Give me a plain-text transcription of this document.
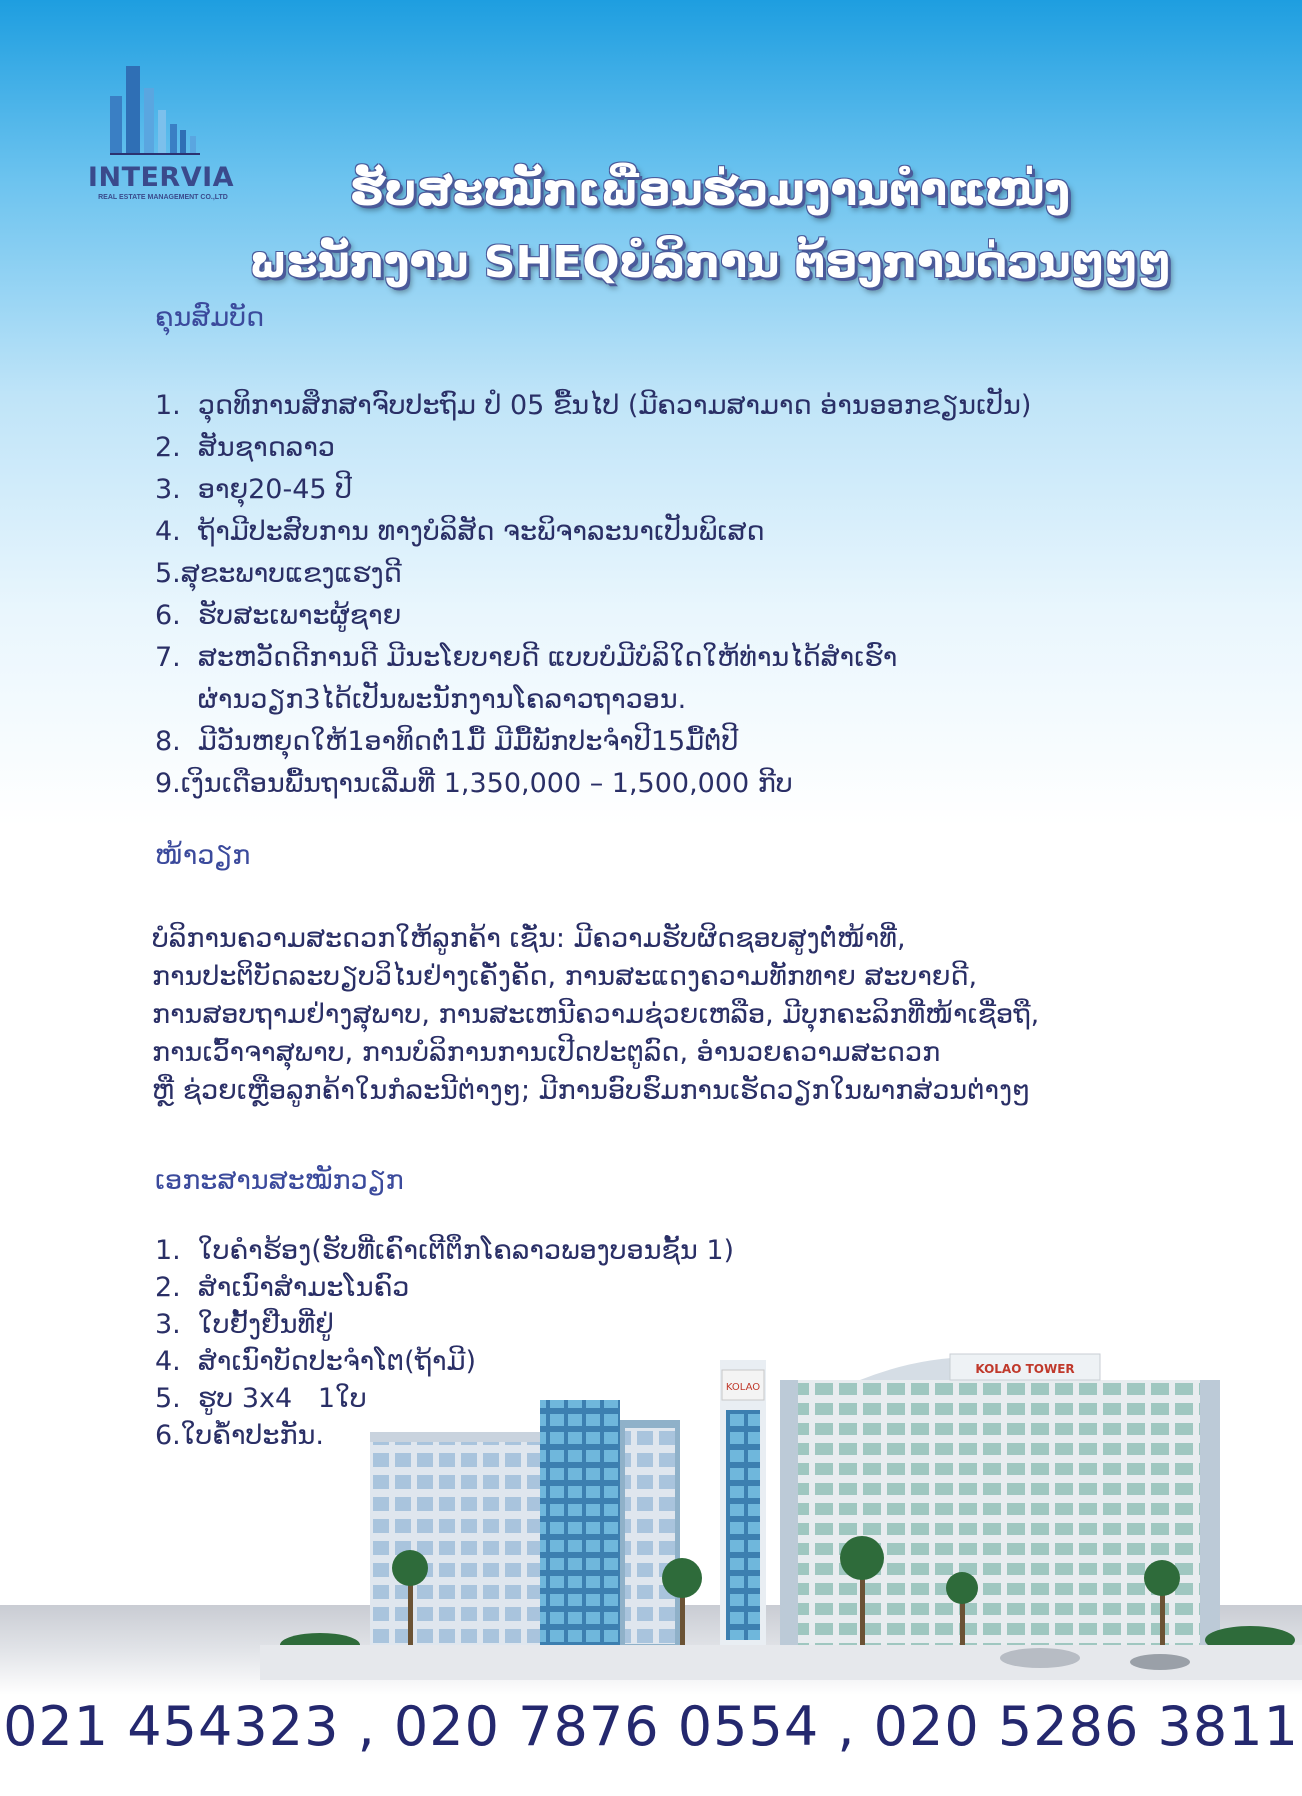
INTERVIA
REAL ESTATE MANAGEMENT CO.,LTD	ຮັບສະໝັກເພື່ອນຮ່ວມງານຕໍາແໜ່ງ
ພະນັກງານ SHEQບໍລິການ ຕ້ອງການດ່ວນໆໆໆ
ຄຸນສົມບັດ
1.  ວຸດທິການສຶກສາຈົບປະຖົມ ປໍ 05 ຂື້ນໄປ (ມີຄວາມສາມາດ ອ່ານອອກຂຽນເປັນ)
2.  ສັນຊາດລາວ
3.  ອາຍຸ20-45 ປີ
4.  ຖ້າມີປະສົບການ ທາງບໍລິສັດ ຈະພິຈາລະນາເປັນພິເສດ
5.ສຸຂະພາບແຂງແຮງດີ
6.  ຮັບສະເພາະຜູ້ຊາຍ
7.  ສະຫວັດດີການດີ ມີນະໂຍບາຍດີ ແບບບໍມີບໍລິໃດໃຫ້ທ່ານໄດ້ສໍາເຮົາ
ຜ່ານວຽກ3ໄດ້ເປັນພະນັກງານໂຄລາວຖາວອນ.
8.  ມີວັນຫຍຸດໃຫ້1ອາທິດຕໍ່1ມື້ ມີມື້ພັກປະຈໍາປີ15ມື້ຕໍ່ປີ
9.ເງິນເດືອນພື້ນຖານເລີ່ມທີ່ 1,350,000 – 1,500,000 ກີບ
ໜ້າວຽກ
ບໍລິການຄວາມສະດວກໃຫ້ລູກຄ້າ ເຊັ່ນ: ມີຄວາມຮັບຜິດຊອບສູງຕໍ່ໜ້າທີ່,
ການປະຕິບັດລະບຽບວິໄນຢ່າງເຄັ່ງຄັດ, ການສະແດງຄວາມທັກທາຍ ສະບາຍດີ,
ການສອບຖາມຢ່າງສຸພາບ, ການສະເຫນີຄວາມຊ່ວຍເຫລືອ, ມີບຸກຄະລິກທີ່ໜ້າເຊື່ອຖື,
ການເວົ້າຈາສຸພາບ, ການບໍລິການການເປີດປະຕູລົດ, ອໍານວຍຄວາມສະດວກ
ຫຼື ຊ່ວຍເຫຼືອລູກຄ້າໃນກໍລະນີຕ່າງໆ; ມີການອົບຮົມການເຮັດວຽກໃນພາກສ່ວນຕ່າງໆ
ເອກະສານສະໝັກວຽກ
1.  ໃບຄໍາຮ້ອງ(ຮັບທີ່ເຄົາເຕີຕຶກໂຄລາວພອງບອນຊັ້ນ 1)
2.  ສໍາເນົາສໍາມະໂນຄົວ
3.  ໃບຢັ້ງຢືນທີ່ຢູ່
4.  ສໍາເນົາບັດປະຈໍາໂຕ(ຖ້າມີ)
5.  ຮູບ 3x4   1ໃບ
6.ໃບຄໍ້າປະກັນ.
KOLAO
KOLAO TOWER
021 454323 , 020 7876 0554 , 020 5286 3811
